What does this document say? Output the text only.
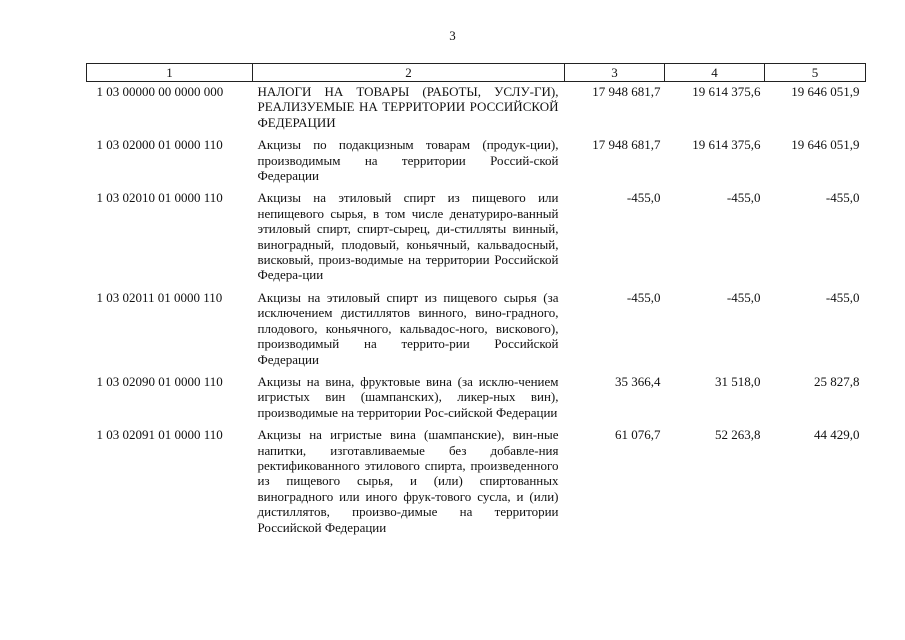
3
1	2	3	4	5
1 03 00000 00 0000 000	НАЛОГИ НА ТОВАРЫ (РАБОТЫ, УСЛУ-ГИ), РЕАЛИЗУЕМЫЕ НА ТЕРРИТОРИИ РОССИЙСКОЙ ФЕДЕРАЦИИ	17 948 681,7	19 614 375,6	19 646 051,9
1 03 02000 01 0000 110	Акцизы по подакцизным товарам (продук-ции), производимым на территории Россий-ской Федерации	17 948 681,7	19 614 375,6	19 646 051,9
1 03 02010 01 0000 110	Акцизы на этиловый спирт из пищевого или непищевого сырья, в том числе денатуриро-ванный этиловый спирт, спирт-сырец, ди-стилляты винный, виноградный, плодовый, коньячный, кальвадосный, висковый, произ-водимые на территории Российской Федера-ции	-455,0	-455,0	-455,0
1 03 02011 01 0000 110	Акцизы на этиловый спирт из пищевого сырья (за исключением дистиллятов винного, вино-градного, плодового, коньячного, кальвадос-ного, вискового), производимый на террито-рии Российской Федерации	-455,0	-455,0	-455,0
1 03 02090 01 0000 110	Акцизы на вина, фруктовые вина (за исклю-чением игристых вин (шампанских), ликер-ных вин), производимые на территории Рос-сийской Федерации	35 366,4	31 518,0	25 827,8
1 03 02091 01 0000 110	Акцизы на игристые вина (шампанские), вин-ные напитки, изготавливаемые без добавле-ния ректификованного этилового спирта, произведенного из пищевого сырья, и (или) спиртованных виноградного или иного фрук-тового сусла, и (или) дистиллятов, произво-димые на территории Российской Федерации	61 076,7	52 263,8	44 429,0
